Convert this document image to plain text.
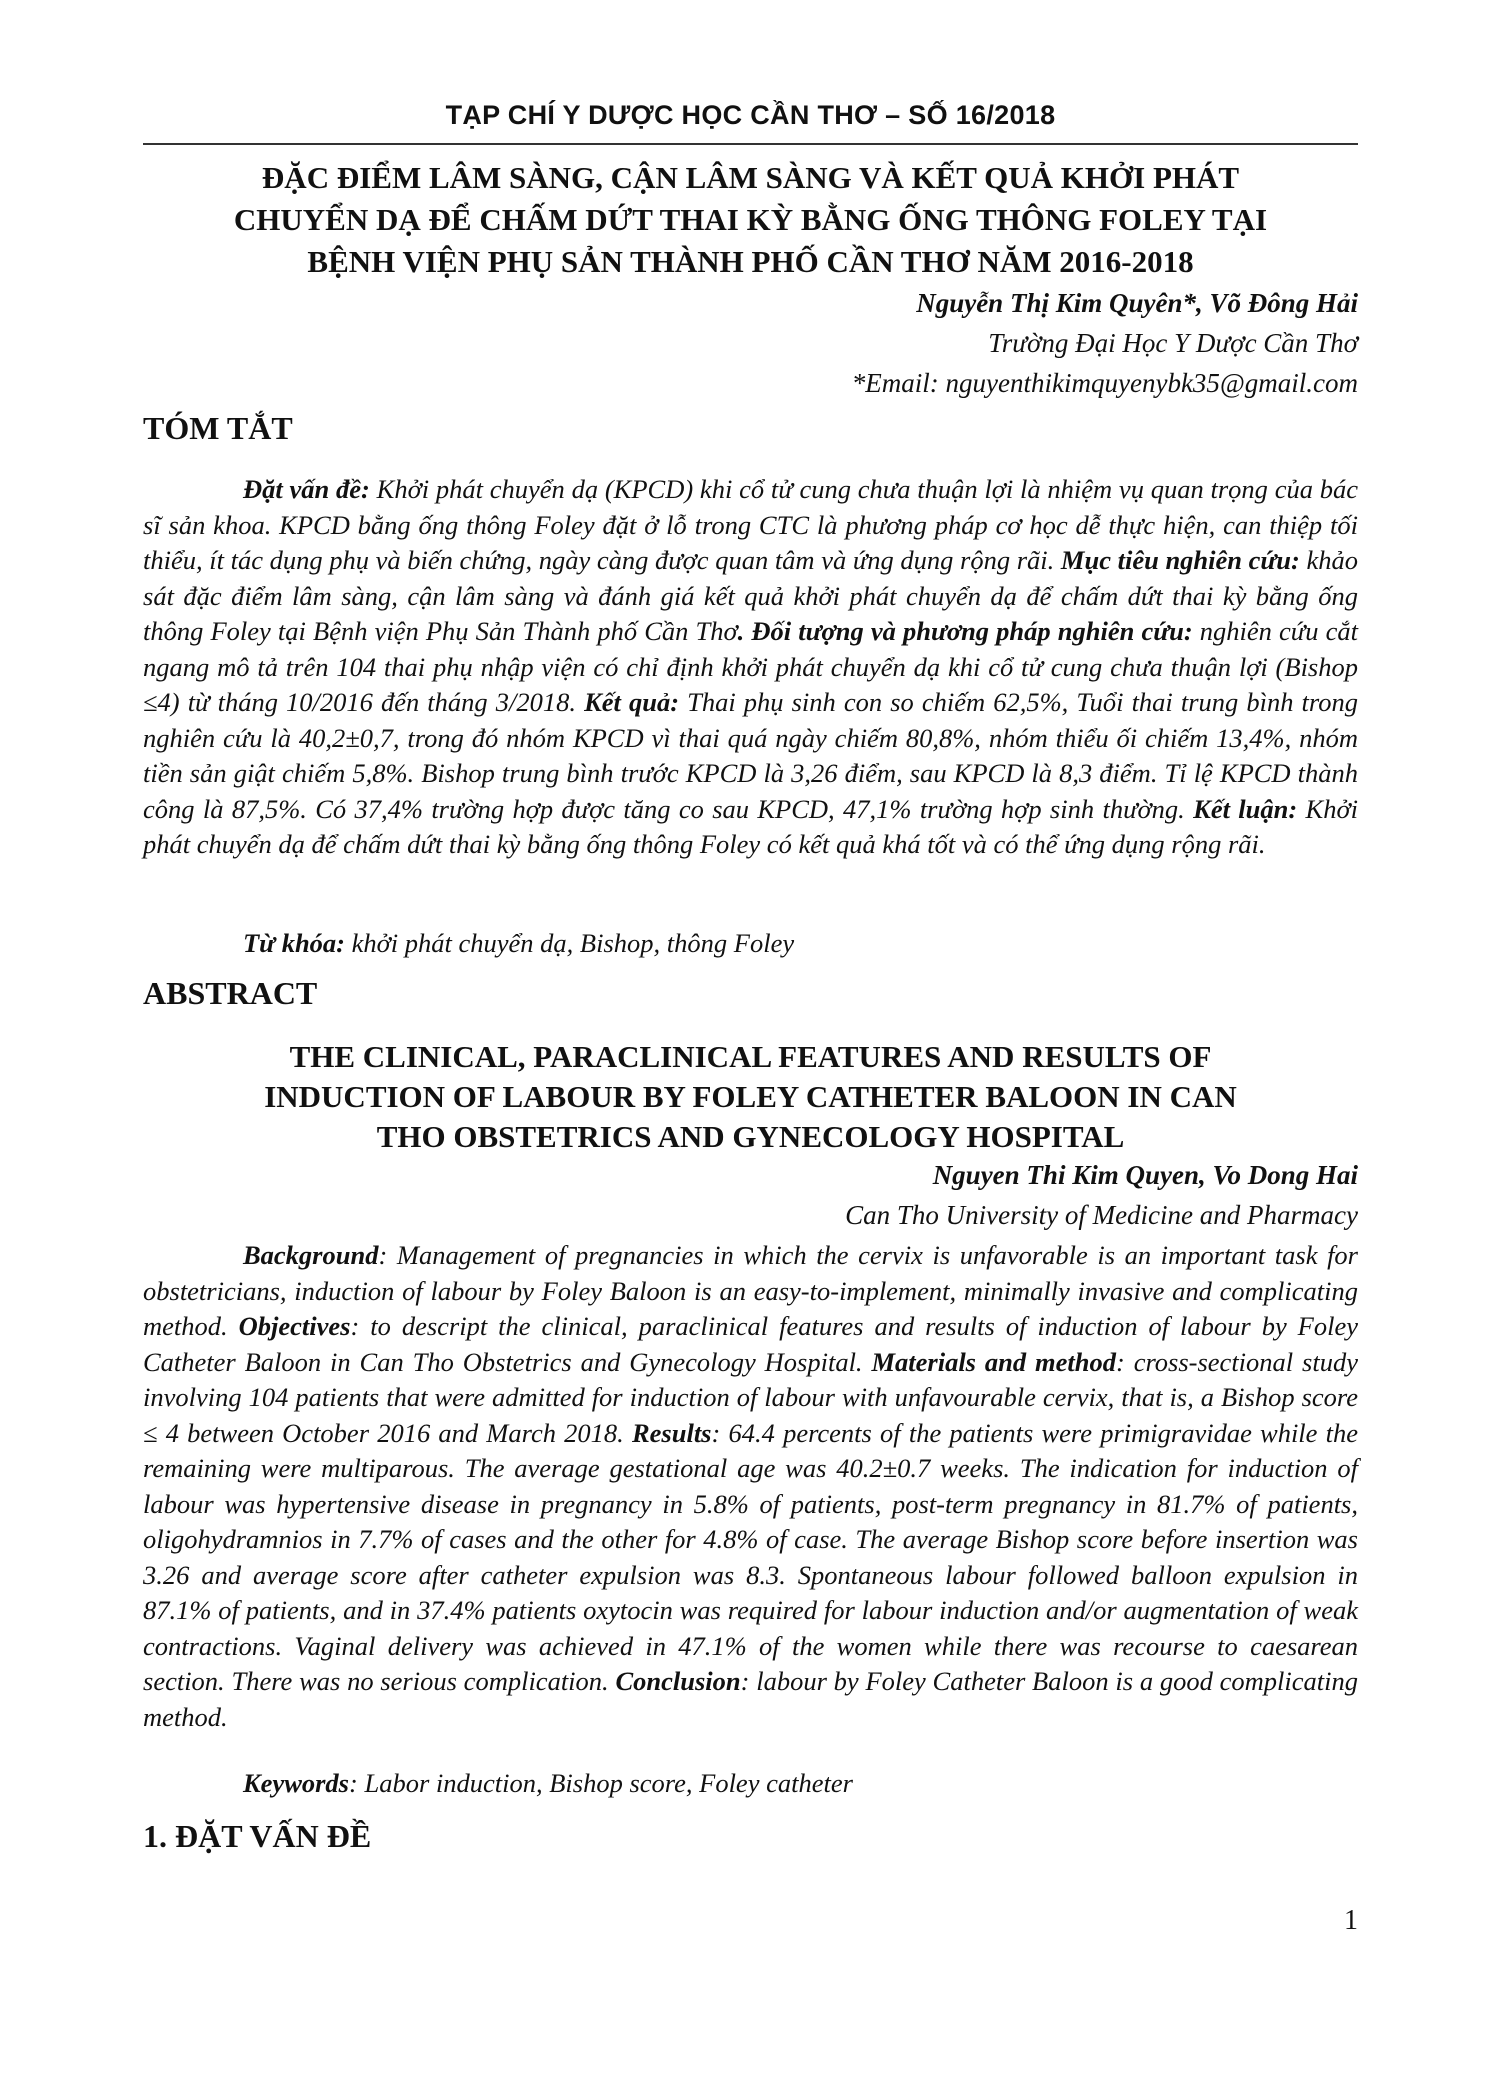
TẠP CHÍ Y DƯỢC HỌC CẦN THƠ – SỐ 16/2018
ĐẶC ĐIỂM LÂM SÀNG, CẬN LÂM SÀNG VÀ KẾT QUẢ KHỞI PHÁT
CHUYỂN DẠ ĐỂ CHẤM DỨT THAI KỲ BẰNG ỐNG THÔNG FOLEY TẠI
BỆNH VIỆN PHỤ SẢN THÀNH PHỐ CẦN THƠ NĂM 2016-2018
Nguyễn Thị Kim Quyên*, Võ Đông Hải
Trường Đại Học Y Dược Cần Thơ
*Email: nguyenthikimquyenybk35@gmail.com
TÓM TẮT
Đặt vấn đề: Khởi phát chuyển dạ (KPCD) khi cổ tử cung chưa thuận lợi là nhiệm vụ quan trọng của bác sĩ sản khoa. KPCD bằng ống thông Foley đặt ở lỗ trong CTC là phương pháp cơ học dễ thực hiện, can thiệp tối thiểu, ít tác dụng phụ và biến chứng, ngày càng được quan tâm và ứng dụng rộng rãi. Mục tiêu nghiên cứu: khảo sát đặc điểm lâm sàng, cận lâm sàng và đánh giá kết quả khởi phát chuyển dạ để chấm dứt thai kỳ bằng ống thông Foley tại Bệnh viện Phụ Sản Thành phố Cần Thơ. Đối tượng và phương pháp nghiên cứu: nghiên cứu cắt ngang mô tả trên 104 thai phụ nhập viện có chỉ định khởi phát chuyển dạ khi cổ tử cung chưa thuận lợi (Bishop ≤4) từ tháng 10/2016 đến tháng 3/2018. Kết quả: Thai phụ sinh con so chiếm 62,5%, Tuổi thai trung bình trong nghiên cứu là 40,2±0,7, trong đó nhóm KPCD vì thai quá ngày chiếm 80,8%, nhóm thiểu ối chiếm 13,4%, nhóm tiền sản giật chiếm 5,8%. Bishop trung bình trước KPCD là 3,26 điểm, sau KPCD là 8,3 điểm. Tỉ lệ KPCD thành công là 87,5%. Có 37,4% trường hợp được tăng co sau KPCD, 47,1% trường hợp sinh thường. Kết luận: Khởi phát chuyển dạ để chấm dứt thai kỳ bằng ống thông Foley có kết quả khá tốt và có thể ứng dụng rộng rãi.
Từ khóa: khởi phát chuyển dạ, Bishop, thông Foley
ABSTRACT
THE CLINICAL, PARACLINICAL FEATURES AND RESULTS OF
INDUCTION OF LABOUR BY FOLEY CATHETER BALOON IN CAN
THO OBSTETRICS AND GYNECOLOGY HOSPITAL
Nguyen Thi Kim Quyen, Vo Dong Hai
Can Tho University of Medicine and Pharmacy
Background: Management of pregnancies in which the cervix is unfavorable is an important task for obstetricians, induction of labour by Foley Baloon is an easy-to-implement, minimally invasive and complicating method. Objectives: to descript the clinical, paraclinical features and results of induction of labour by Foley Catheter Baloon in Can Tho Obstetrics and Gynecology Hospital. Materials and method: cross-sectional study involving 104 patients that were admitted for induction of labour with unfavourable cervix, that is, a Bishop score ≤ 4 between October 2016 and March 2018. Results: 64.4 percents of the patients were primigravidae while the remaining were multiparous. The average gestational age was 40.2±0.7 weeks. The indication for induction of labour was hypertensive disease in pregnancy in 5.8% of patients, post-term pregnancy in 81.7% of patients, oligohydramnios in 7.7% of cases and the other for 4.8% of case. The average Bishop score before insertion was 3.26 and average score after catheter expulsion was 8.3. Spontaneous labour followed balloon expulsion in 87.1% of patients, and in 37.4% patients oxytocin was required for labour induction and/or augmentation of weak contractions. Vaginal delivery was achieved in 47.1% of the women while there was recourse to caesarean section. There was no serious complication. Conclusion: labour by Foley Catheter Baloon is a good complicating method.
Keywords: Labor induction, Bishop score, Foley catheter
1. ĐẶT VẤN ĐỀ
1
